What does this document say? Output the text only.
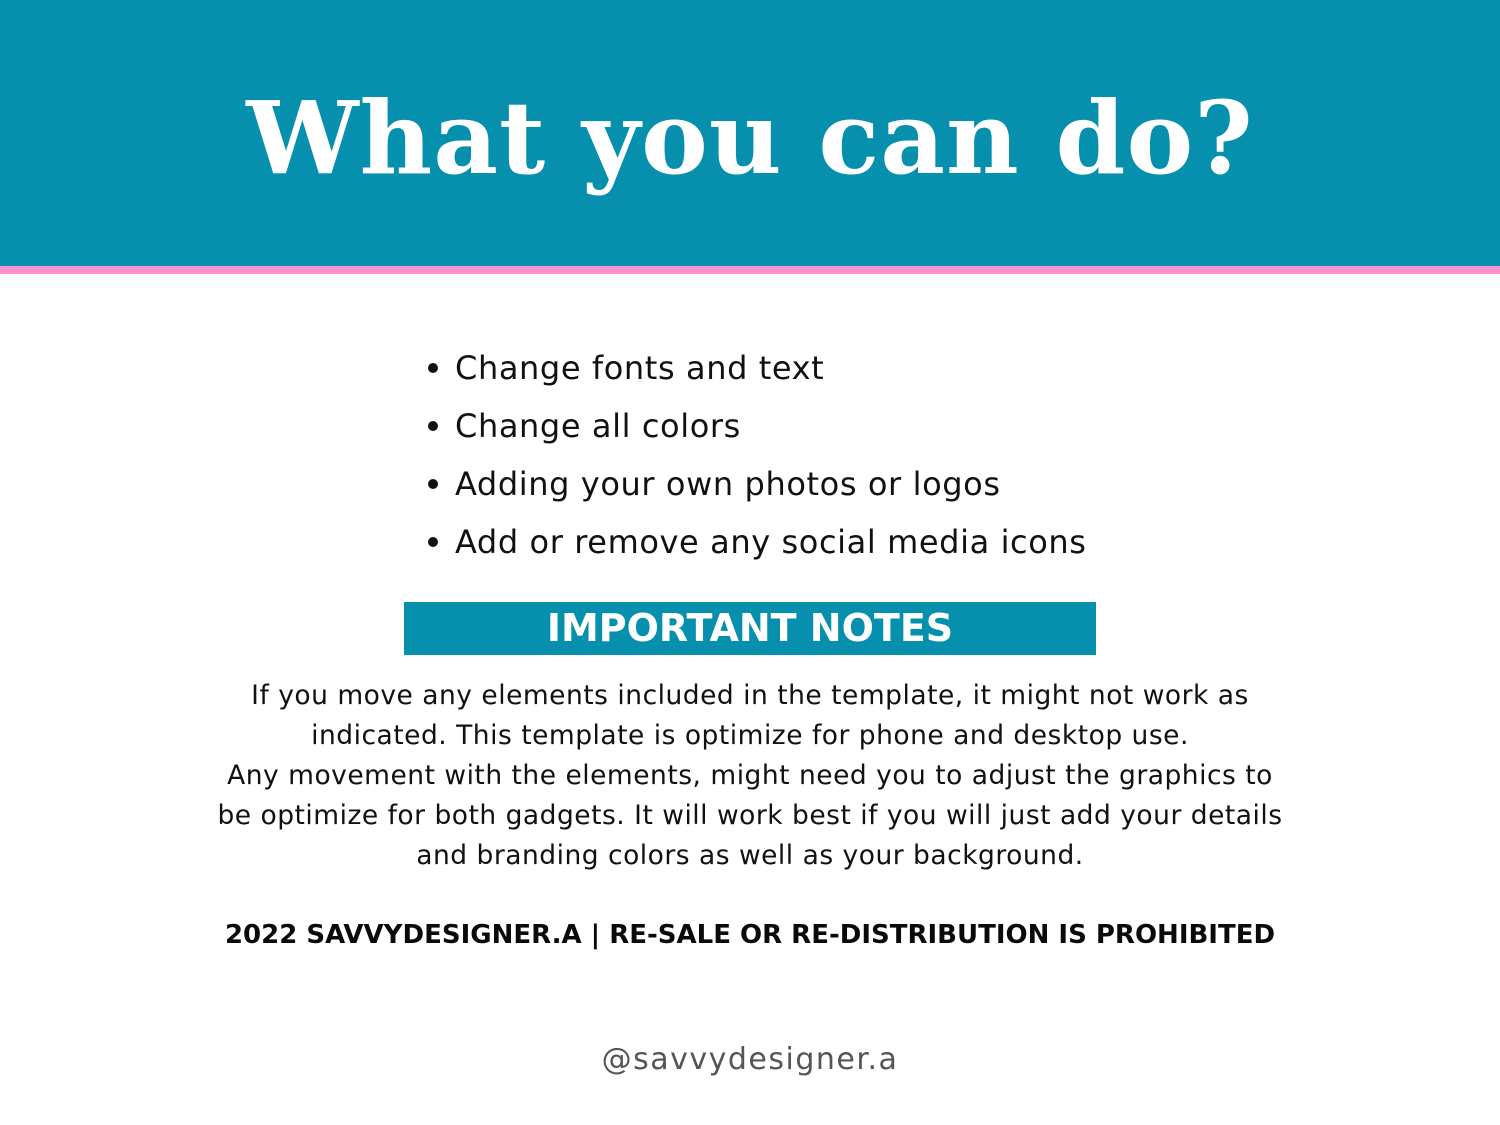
What you can do?
Change fonts and text
Change all colors
Adding your own photos or logos
Add or remove any social media icons
IMPORTANT NOTES
If you move any elements included in the template, it might not work as
indicated. This template is optimize for phone and desktop use.
Any movement with the elements, might need you to adjust the graphics to
be optimize for both gadgets. It will work best if you will just add your details
and branding colors as well as your background.
2022 SAVVYDESIGNER.A | RE-SALE OR RE-DISTRIBUTION IS PROHIBITED
@savvydesigner.a
